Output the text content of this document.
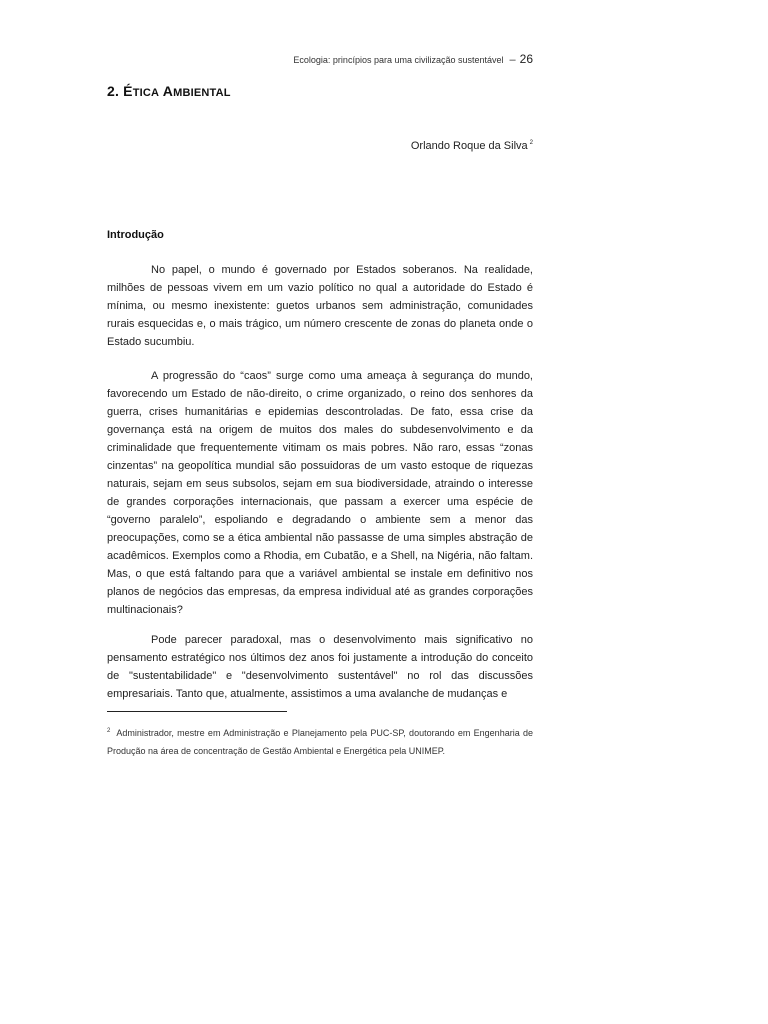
Ecologia: princípios para uma civilização sustentável – 26
2. ÉTICA AMBIENTAL
Orlando Roque da Silva $^2$
Introdução

No papel, o mundo é governado por Estados soberanos. Na realidade, milhões de pessoas vivem em um vazio político no qual a autoridade do Estado é mínima, ou mesmo inexistente: guetos urbanos sem administração, comunidades rurais esquecidas e, o mais trágico, um número crescente de zonas do planeta onde o Estado sucumbiu.

A progressão do “caos” surge como uma ameaça à segurança do mundo, favorecendo um Estado de não-direito, o crime organizado, o reino dos senhores da guerra, crises humanitárias e epidemias descontroladas. De fato, essa crise da governança está na origem de muitos dos males do subdesenvolvimento e da criminalidade que frequentemente vitimam os mais pobres. Não raro, essas “zonas cinzentas” na geopolítica mundial são possuidoras de um vasto estoque de riquezas naturais, sejam em seus subsolos, sejam em sua biodiversidade, atraindo o interesse de grandes corporações internacionais, que passam a exercer uma espécie de “governo paralelo”, espoliando e degradando o ambiente sem a menor das preocupações, como se a ética ambiental não passasse de uma simples abstração de acadêmicos. Exemplos como a Rhodia, em Cubatão, e a Shell, na Nigéria, não faltam. Mas, o que está faltando para que a variável ambiental se instale em definitivo nos planos de negócios das empresas, da empresa individual até as grandes corporações multinacionais?

Pode parecer paradoxal, mas o desenvolvimento mais significativo no pensamento estratégico nos últimos dez anos foi justamente a introdução do conceito de "sustentabilidade" e "desenvolvimento sustentável" no rol das discussões empresariais. Tanto que, atualmente, assistimos a uma avalanche de mudanças e

$^2$ Administrador, mestre em Administração e Planejamento pela PUC-SP, doutorando em Engenharia de Produção na área de concentração de Gestão Ambiental e Energética pela UNIMEP.
